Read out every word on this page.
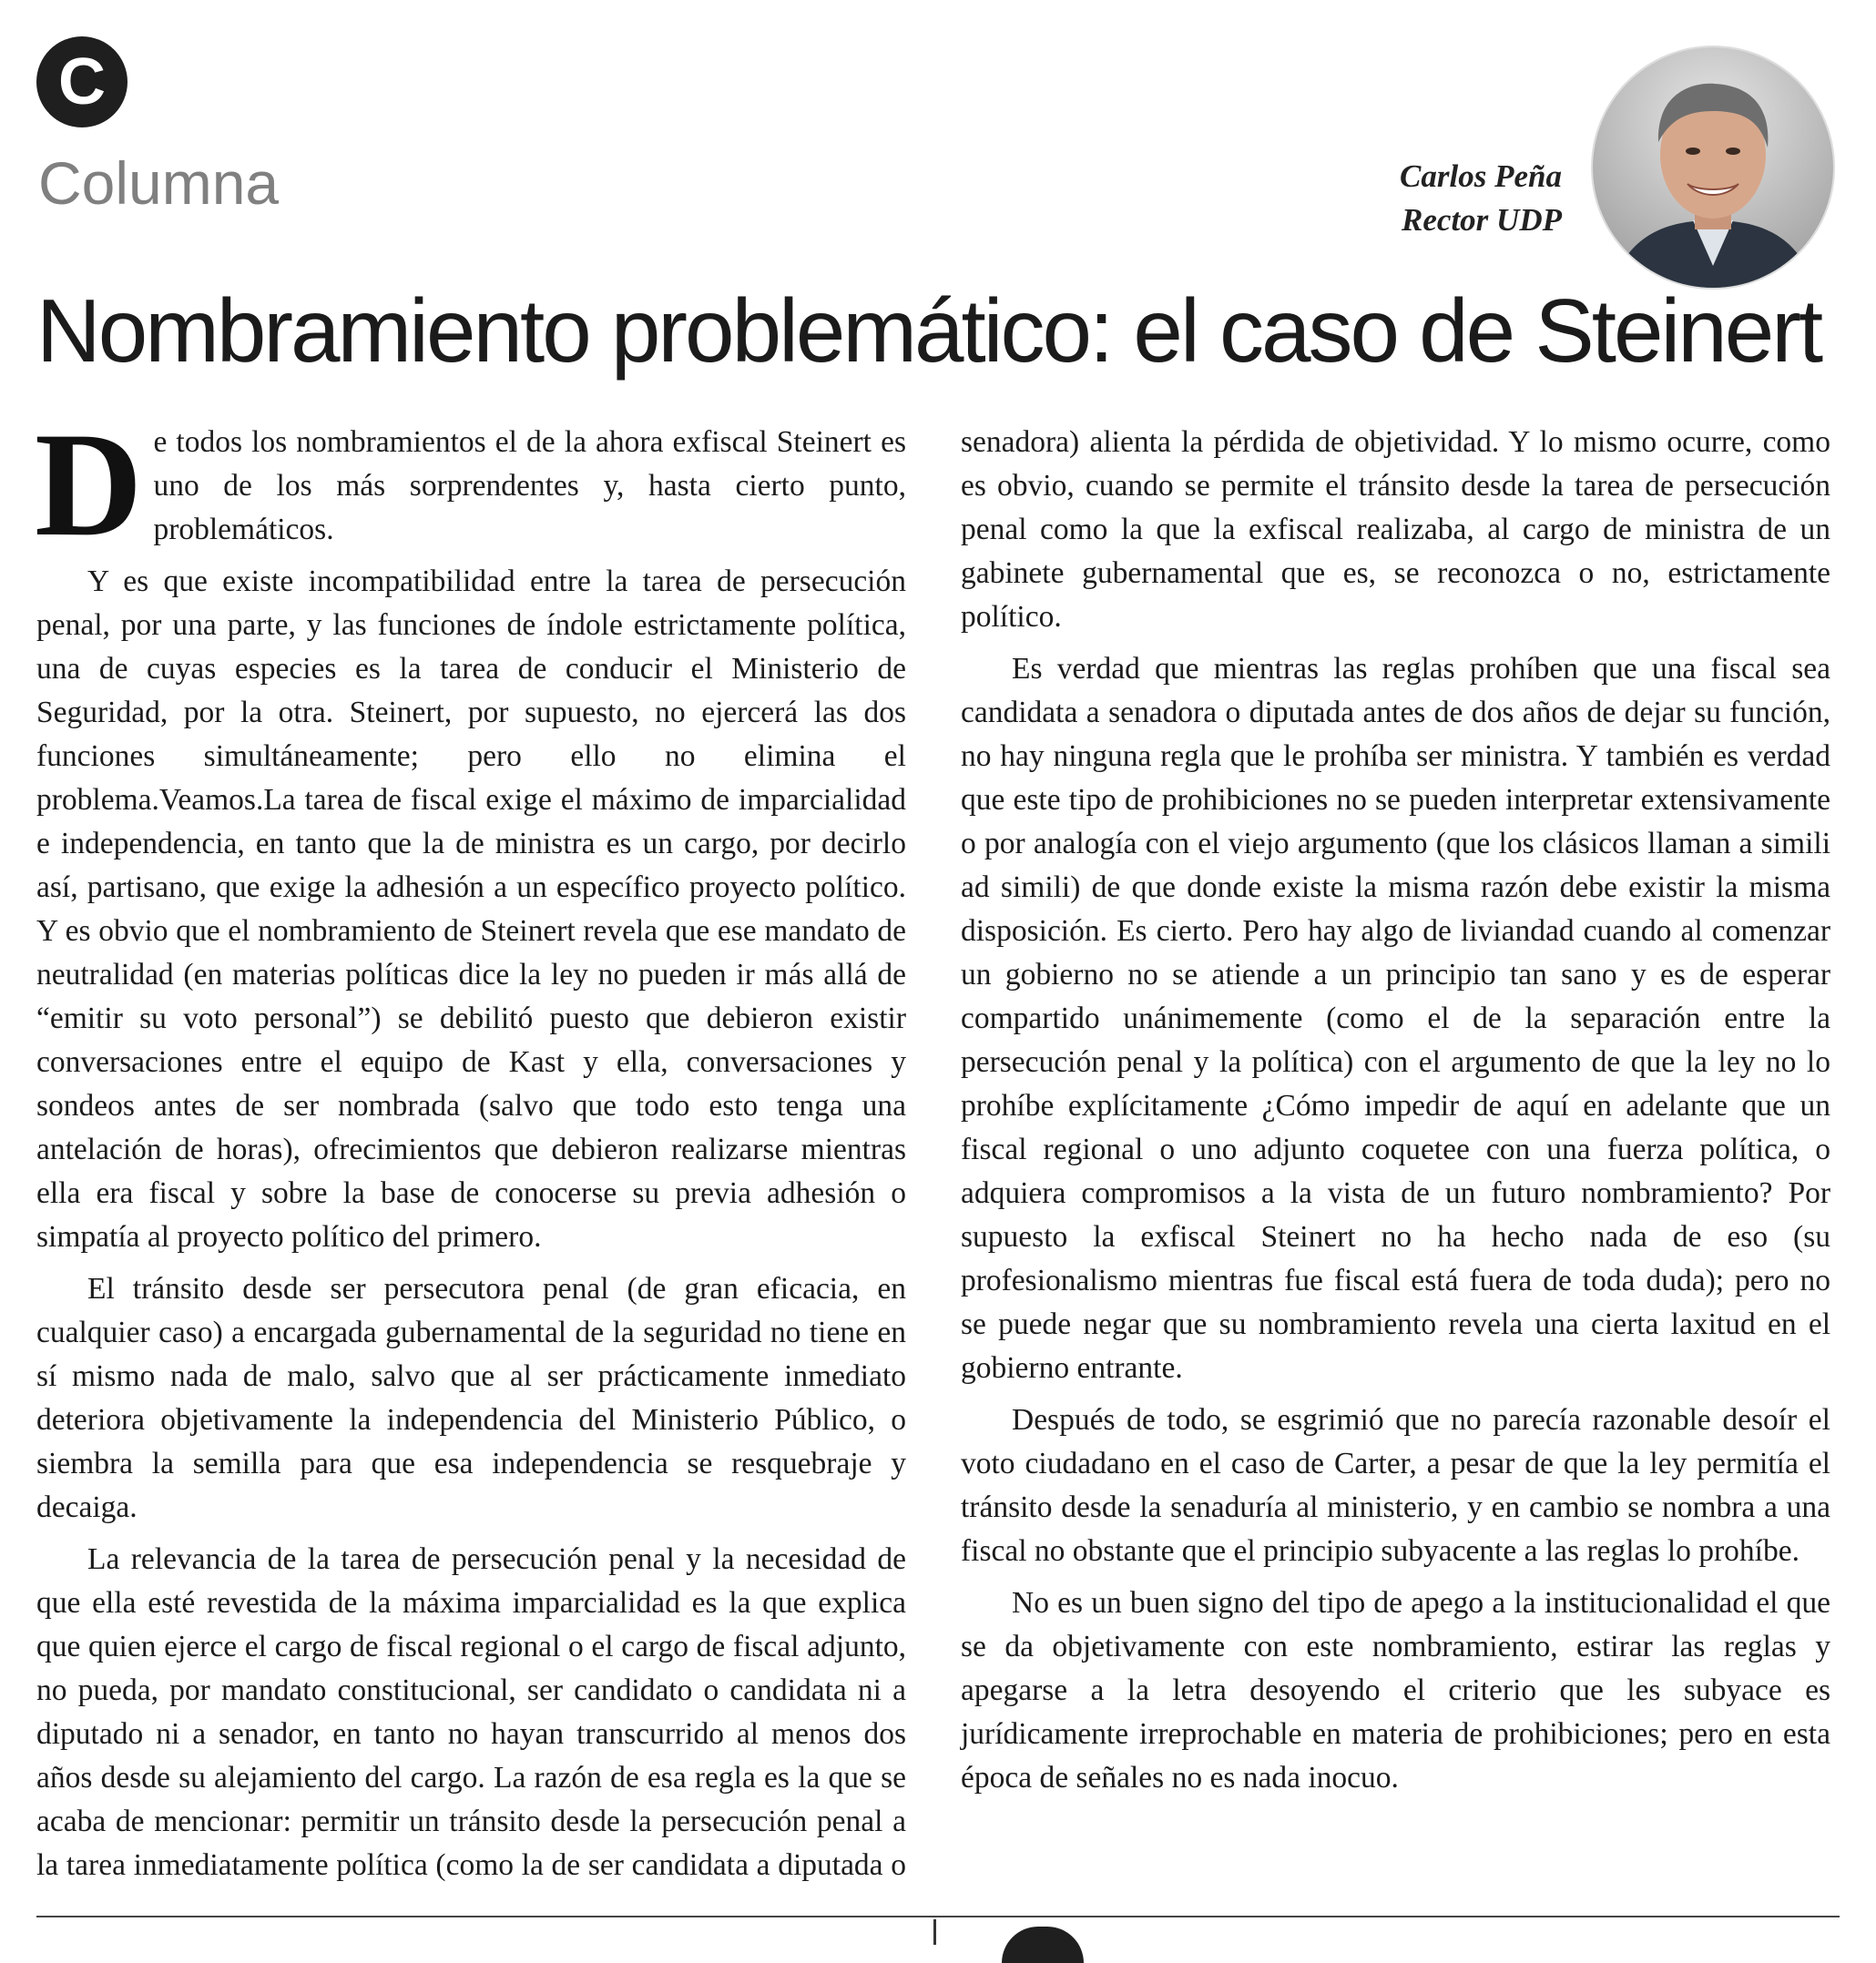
C
Columna	Carlos Peña
Rector UDP
Nombramiento problemático: el caso de Steinert

De todos los nombramientos el de la ahora exfiscal Steinert es uno de los más sorprendentes y, hasta cierto punto, problemáticos.

Y es que existe incompatibilidad entre la tarea de persecución penal, por una parte, y las funciones de índole estrictamente política, una de cuyas especies es la tarea de conducir el Ministerio de Seguridad, por la otra. Steinert, por supuesto, no ejercerá las dos funciones simultáneamente; pero ello no elimina el problema.Veamos.La tarea de fiscal exige el máximo de imparcialidad e independencia, en tanto que la de ministra es un cargo, por decirlo así, partisano, que exige la adhesión a un específico proyecto político. Y es obvio que el nombramiento de Steinert revela que ese mandato de neutralidad (en materias políticas dice la ley no pueden ir más allá de “emitir su voto personal”) se debilitó puesto que debieron existir conversaciones entre el equipo de Kast y ella, conversaciones y sondeos antes de ser nombrada (salvo que todo esto tenga una antelación de horas), ofrecimientos que debieron realizarse mientras ella era fiscal y sobre la base de conocerse su previa adhesión o simpatía al proyecto político del primero.

El tránsito desde ser persecutora penal (de gran eficacia, en cualquier caso) a encargada gubernamental de la seguridad no tiene en sí mismo nada de malo, salvo que al ser prácticamente inmediato deteriora objetivamente la independencia del Ministerio Público, o siembra la semilla para que esa independencia se resquebraje y decaiga.

La relevancia de la tarea de persecución penal y la necesidad de que ella esté revestida de la máxima imparcialidad es la que explica que quien ejerce el cargo de fiscal regional o el cargo de fiscal adjunto, no pueda, por mandato constitucional, ser candidato o candidata ni a diputado ni a senador, en tanto no hayan transcurrido al menos dos años desde su alejamiento del cargo. La razón de esa regla es la que se acaba de mencionar: permitir un tránsito desde la persecución penal a la tarea inmediatamente política (como la de ser candidata a diputada o senadora) alienta la pérdida de objetividad. Y lo mismo ocurre, como es obvio, cuando se permite el tránsito desde la tarea de persecución penal como la que la exfiscal realizaba, al cargo de ministra de un gabinete gubernamental que es, se reconozca o no, estrictamente político.

Es verdad que mientras las reglas prohíben que una fiscal sea candidata a senadora o diputada antes de dos años de dejar su función, no hay ninguna regla que le prohíba ser ministra. Y también es verdad que este tipo de prohibiciones no se pueden interpretar extensivamente o por analogía con el viejo argumento (que los clásicos llaman a simili ad simili) de que donde existe la misma razón debe existir la misma disposición. Es cierto. Pero hay algo de liviandad cuando al comenzar un gobierno no se atiende a un principio tan sano y es de esperar compartido unánimemente (como el de la separación entre la persecución penal y la política) con el argumento de que la ley no lo prohíbe explícitamente ¿Cómo impedir de aquí en adelante que un fiscal regional o uno adjunto coquetee con una fuerza política, o adquiera compromisos a la vista de un futuro nombramiento? Por supuesto la exfiscal Steinert no ha hecho nada de eso (su profesionalismo mientras fue fiscal está fuera de toda duda); pero no se puede negar que su nombramiento revela una cierta laxitud en el gobierno entrante.

Después de todo, se esgrimió que no parecía razonable desoír el voto ciudadano en el caso de Carter, a pesar de que la ley permitía el tránsito desde la senaduría al ministerio, y en cambio se nombra a una fiscal no obstante que el principio subyacente a las reglas lo prohíbe.

No es un buen signo del tipo de apego a la institucionalidad el que se da objetivamente con este nombramiento, estirar las reglas y apegarse a la letra desoyendo el criterio que les subyace es jurídicamente irreprochable en materia de prohibiciones; pero en esta época de señales no es nada inocuo.
